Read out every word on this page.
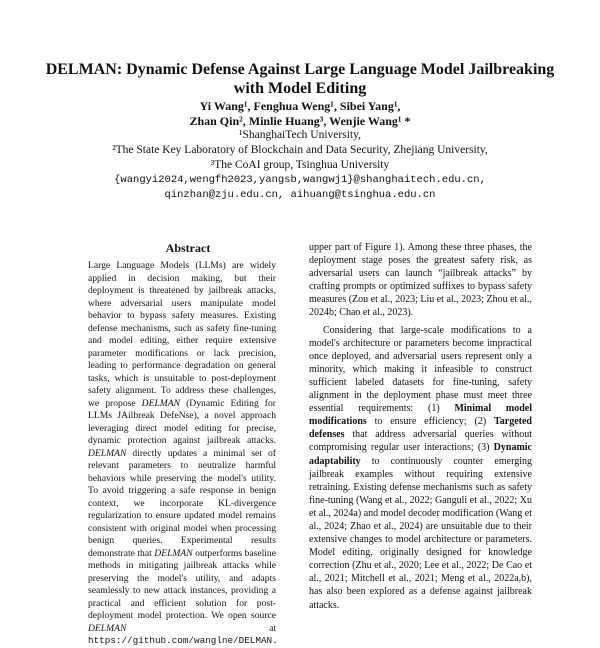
DELMAN: Dynamic Defense Against Large Language Model Jailbreaking with Model Editing
Yi Wang¹, Fenghua Weng¹, Sibei Yang¹,
Zhan Qin², Minlie Huang³, Wenjie Wang¹ *
¹ShanghaiTech University,
²The State Key Laboratory of Blockchain and Data Security, Zhejiang University,
³The CoAI group, Tsinghua University
{wangyi2024,wengfh2023,yangsb,wangwj1}@shanghaitech.edu.cn,
qinzhan@zju.edu.cn, aihuang@tsinghua.edu.cn
Abstract
Large Language Models (LLMs) are widely applied in decision making, but their deployment is threatened by jailbreak attacks, where adversarial users manipulate model behavior to bypass safety measures. Existing defense mechanisms, such as safety fine-tuning and model editing, either require extensive parameter modifications or lack precision, leading to performance degradation on general tasks, which is unsuitable to post-deployment safety alignment. To address these challenges, we propose DELMAN (Dynamic Editing for LLMs JAilbreak DefeNse), a novel approach leveraging direct model editing for precise, dynamic protection against jailbreak attacks. DELMAN directly updates a minimal set of relevant parameters to neutralize harmful behaviors while preserving the model's utility. To avoid triggering a safe response in benign context, we incorporate KL-divergence regularization to ensure updated model remains consistent with original model when processing benign queries. Experimental results demonstrate that DELMAN outperforms baseline methods in mitigating jailbreak attacks while preserving the model's utility, and adapts seamlessly to new attack instances, providing a practical and efficient solution for post-deployment model protection. We open source DELMAN at https://github.com/wanglne/DELMAN.

upper part of Figure 1). Among these three phases, the deployment stage poses the greatest safety risk, as adversarial users can launch “jailbreak attacks” by crafting prompts or optimized suffixes to bypass safety measures (Zou et al., 2023; Liu et al., 2023; Zhou et al., 2024b; Chao et al., 2023).

Considering that large-scale modifications to a model's architecture or parameters become impractical once deployed, and adversarial users represent only a minority, which making it infeasible to construct sufficient labeled datasets for fine-tuning, safety alignment in the deployment phase must meet three essential requirements: (1) Minimal model modifications to ensure efficiency; (2) Targeted defenses that address adversarial queries without compromising regular user interactions; (3) Dynamic adaptability to continuously counter emerging jailbreak examples without requiring extensive retraining. Existing defense mechanisms such as safety fine-tuning (Wang et al., 2022; Ganguli et al., 2022; Xu et al., 2024a) and model decoder modification (Wang et al., 2024; Zhao et al., 2024) are unsuitable due to their extensive changes to model architecture or parameters. Model editing, originally designed for knowledge correction (Zhu et al., 2020; Lee et al., 2022; De Cao et al., 2021; Mitchell et al., 2021; Meng et al., 2022a,b), has also been explored as a defense against jailbreak attacks.
